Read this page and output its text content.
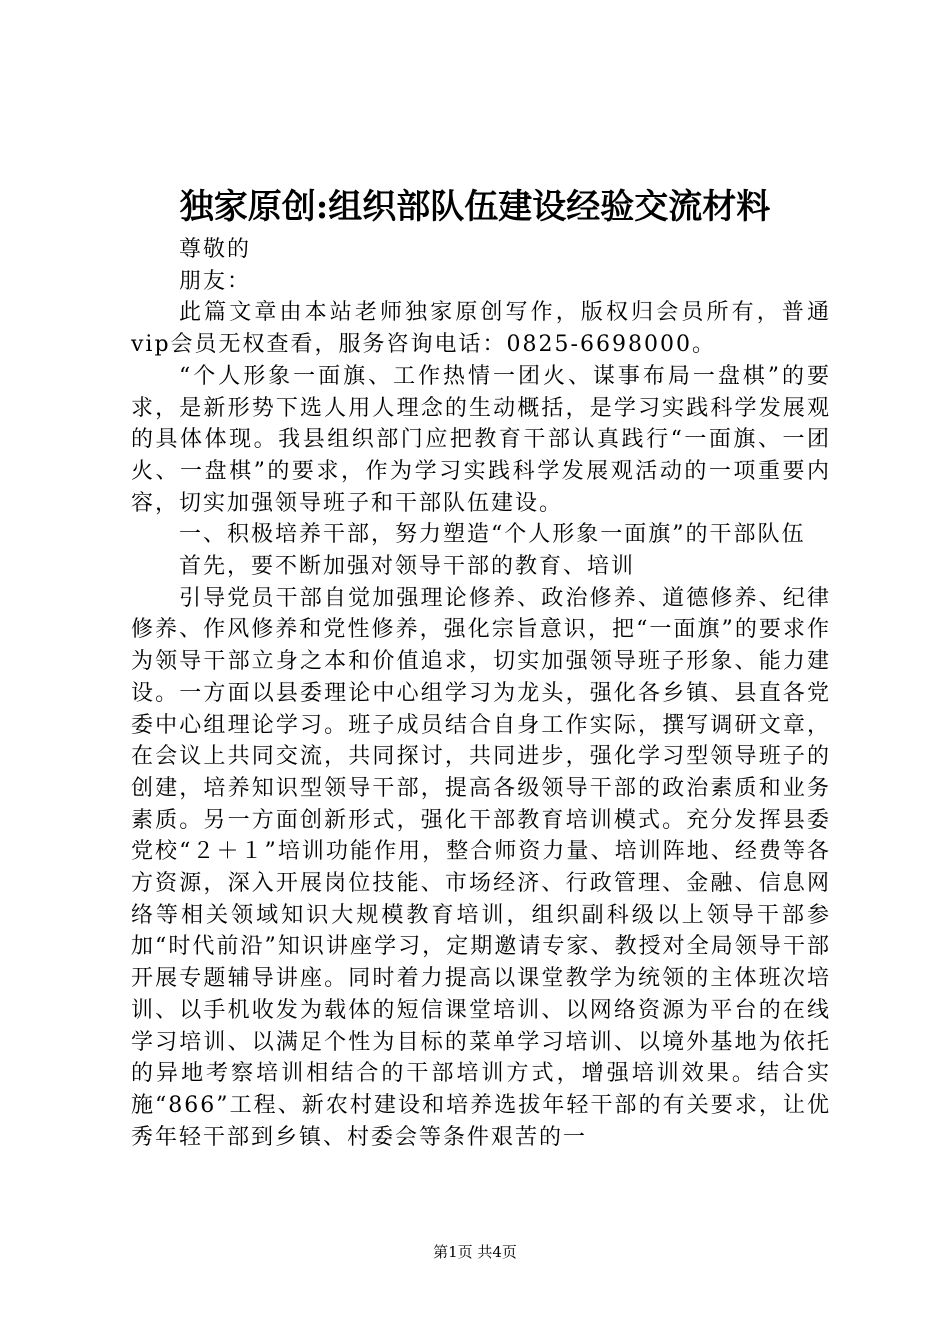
独家原创:组织部队伍建设经验交流材料

尊敬的

朋友：

此篇文章由本站老师独家原创写作，版权归会员所有，普通vip会员无权查看，服务咨询电话：0825-6698000。

“个人形象一面旗、工作热情一团火、谋事布局一盘棋”的要求，是新形势下选人用人理念的生动概括，是学习实践科学发展观的具体体现。我县组织部门应把教育干部认真践行“一面旗、一团火、一盘棋”的要求，作为学习实践科学发展观活动的一项重要内容，切实加强领导班子和干部队伍建设。

一、积极培养干部，努力塑造“个人形象一面旗”的干部队伍

首先，要不断加强对领导干部的教育、培训

引导党员干部自觉加强理论修养、政治修养、道德修养、纪律修养、作风修养和党性修养，强化宗旨意识，把“一面旗”的要求作为领导干部立身之本和价值追求，切实加强领导班子形象、能力建设。一方面以县委理论中心组学习为龙头，强化各乡镇、县直各党委中心组理论学习。班子成员结合自身工作实际，撰写调研文章，在会议上共同交流，共同探讨，共同进步，强化学习型领导班子的创建，培养知识型领导干部，提高各级领导干部的政治素质和业务素质。另一方面创新形式，强化干部教育培训模式。充分发挥县委党校“２＋１”培训功能作用，整合师资力量、培训阵地、经费等各方资源，深入开展岗位技能、市场经济、行政管理、金融、信息网络等相关领域知识大规模教育培训，组织副科级以上领导干部参加“时代前沿”知识讲座学习，定期邀请专家、教授对全局领导干部开展专题辅导讲座。同时着力提高以课堂教学为统领的主体班次培训、以手机收发为载体的短信课堂培训、以网络资源为平台的在线学习培训、以满足个性为目标的菜单学习培训、以境外基地为依托的异地考察培训相结合的干部培训方式，增强培训效果。结合实施“866”工程、新农村建设和培养选拔年轻干部的有关要求，让优秀年轻干部到乡镇、村委会等条件艰苦的一

第1页 共4页
